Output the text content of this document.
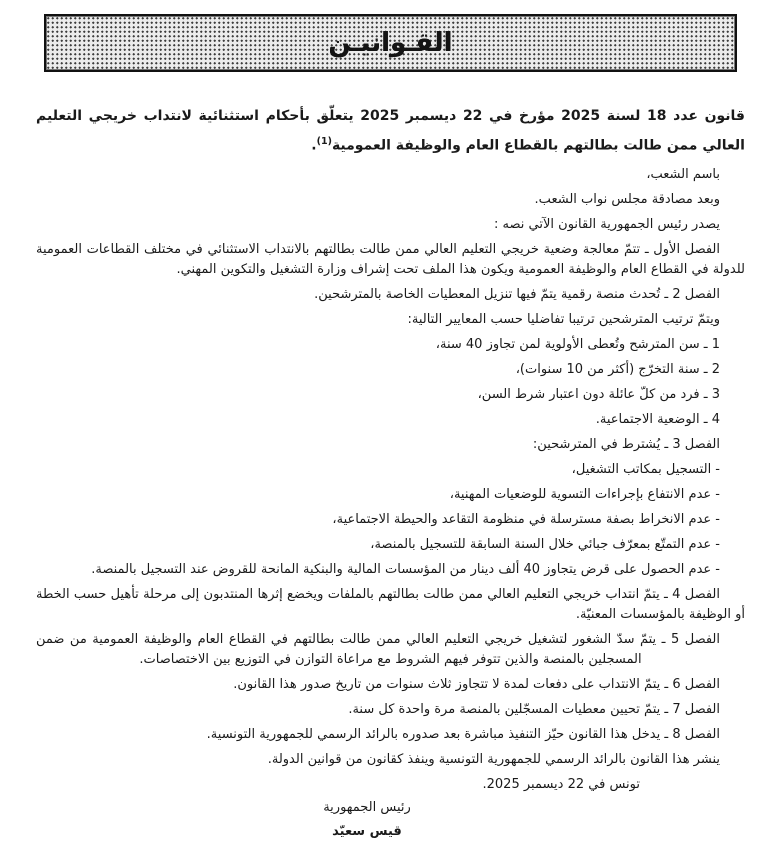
القـوانيـن

قانون عدد 18 لسنة 2025 مؤرخ في 22 ديسمبر 2025 يتعلّق بأحكام استثنائية لانتداب خريجي التعليم العالي ممن طالت بطالتهم بالقطاع العام والوظيفة العمومية$^{(1)}$.

باسم الشعب،

وبعد مصادقة مجلس نواب الشعب.

يصدر رئيس الجمهورية القانون الآتي نصه :

الفصل الأول ـ تتمّ معالجة وضعية خريجي التعليم العالي ممن طالت بطالتهم بالانتداب الاستثنائي في مختلف القطاعات العمومية للدولة في القطاع العام والوظيفة العمومية ويكون هذا الملف تحت إشراف وزارة التشغيل والتكوين المهني.

الفصل 2 ـ تُحدث منصة رقمية يتمّ فيها تنزيل المعطيات الخاصة بالمترشحين.

ويتمّ ترتيب المترشحين ترتيبا تفاضليا حسب المعايير التالية:

1 ـ سن المترشح وتُعطى الأولوية لمن تجاوز 40 سنة،

2 ـ سنة التخرّج (أكثر من 10 سنوات)،

3 ـ فرد من كلّ عائلة دون اعتبار شرط السن،

4 ـ الوضعية الاجتماعية.

الفصل 3 ـ يُشترط في المترشحين:

- التسجيل بمكاتب التشغيل،

- عدم الانتفاع بإجراءات التسوية للوضعيات المهنية،

- عدم الانخراط بصفة مسترسلة في منظومة التقاعد والحيطة الاجتماعية،

- عدم التمتّع بمعرّف جبائي خلال السنة السابقة للتسجيل بالمنصة،

- عدم الحصول على قرض يتجاوز 40 ألف دينار من المؤسسات المالية والبنكية المانحة للقروض عند التسجيل بالمنصة.

الفصل 4 ـ يتمّ انتداب خريجي التعليم العالي ممن طالت بطالتهم بالملفات ويخضع إثرها المنتدبون إلى مرحلة تأهيل حسب الخطة أو الوظيفة بالمؤسسات المعنيّة.

الفصل 5 ـ يتمّ سدّ الشغور لتشغيل خريجي التعليم العالي ممن طالت بطالتهم في القطاع العام والوظيفة العمومية من ضمن المسجلين بالمنصة والذين تتوفر فيهم الشروط مع مراعاة التوازن في التوزيع بين الاختصاصات.

الفصل 6 ـ يتمّ الانتداب على دفعات لمدة لا تتجاوز ثلاث سنوات من تاريخ صدور هذا القانون.

الفصل 7 ـ يتمّ تحيين معطيات المسجّلين بالمنصة مرة واحدة كل سنة.

الفصل 8 ـ يدخل هذا القانون حيّز التنفيذ مباشرة بعد صدوره بالرائد الرسمي للجمهورية التونسية.

ينشر هذا القانون بالرائد الرسمي للجمهورية التونسية وينفذ كقانون من قوانين الدولة.

تونس في 22 ديسمبر 2025.

رئيس الجمهورية
قيس سعيّد
